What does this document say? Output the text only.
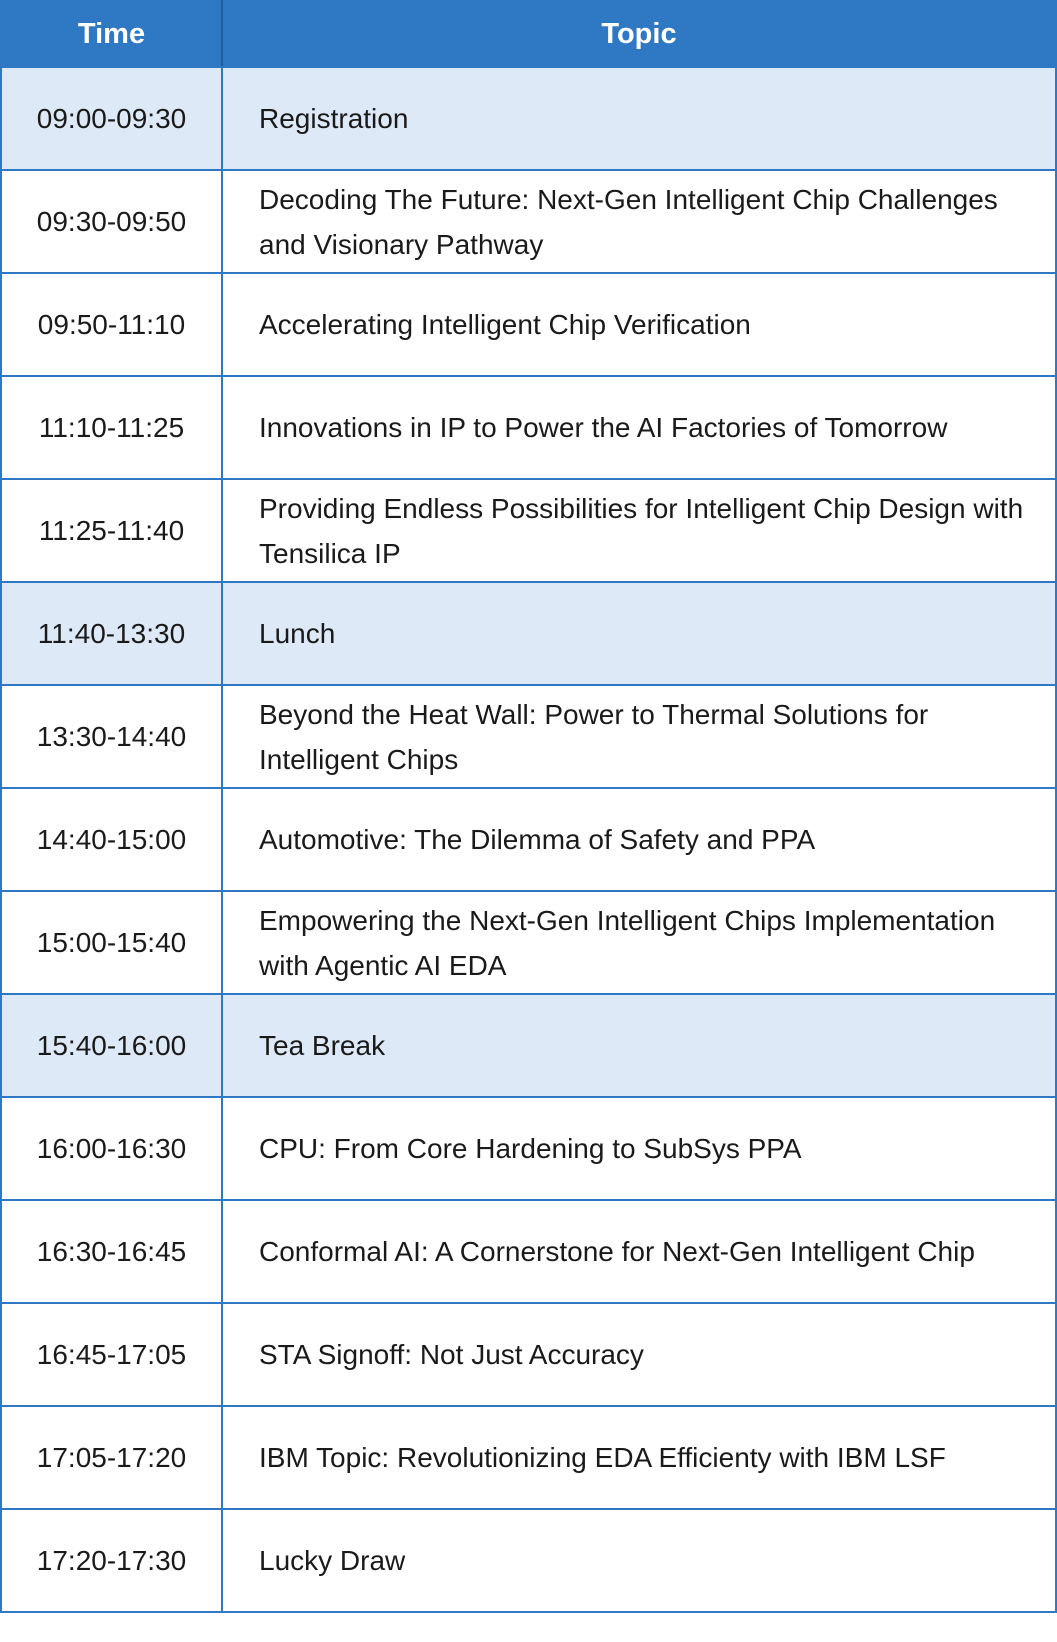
Time	Topic
09:00-09:30	Registration
09:30-09:50	Decoding The Future: Next-Gen Intelligent Chip Challenges and Visionary Pathway
09:50-11:10	Accelerating Intelligent Chip Verification
11:10-11:25	Innovations in IP to Power the AI Factories of Tomorrow
11:25-11:40	Providing Endless Possibilities for Intelligent Chip Design with Tensilica IP
11:40-13:30	Lunch
13:30-14:40	Beyond the Heat Wall: Power to Thermal Solutions for Intelligent Chips
14:40-15:00	Automotive: The Dilemma of Safety and PPA
15:00-15:40	Empowering the Next-Gen Intelligent Chips Implementation with Agentic AI EDA
15:40-16:00	Tea Break
16:00-16:30	CPU: From Core Hardening to SubSys PPA
16:30-16:45	Conformal AI: A Cornerstone for Next-Gen Intelligent Chip
16:45-17:05	STA Signoff: Not Just Accuracy
17:05-17:20	IBM Topic: Revolutionizing EDA Efficienty with IBM LSF
17:20-17:30	Lucky Draw
